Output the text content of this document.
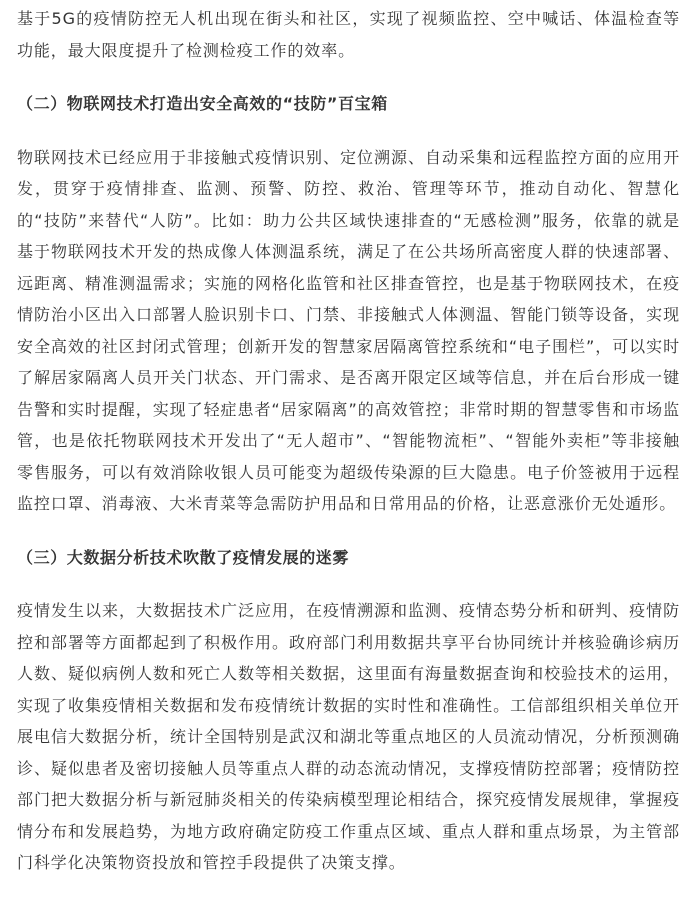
基于5G的疫情防控无人机出现在街头和社区，实现了视频监控、空中喊话、体温检查等功能，最大限度提升了检测检疫工作的效率。

（二）物联网技术打造出安全高效的“技防”百宝箱

物联网技术已经应用于非接触式疫情识别、定位溯源、自动采集和远程监控方面的应用开发，贯穿于疫情排查、监测、预警、防控、救治、管理等环节，推动自动化、智慧化的“技防”来替代“人防”。比如：助力公共区域快速排查的“无感检测”服务，依靠的就是基于物联网技术开发的热成像人体测温系统，满足了在公共场所高密度人群的快速部署、远距离、精准测温需求；实施的网格化监管和社区排查管控，也是基于物联网技术，在疫情防治小区出入口部署人脸识别卡口、门禁、非接触式人体测温、智能门锁等设备，实现安全高效的社区封闭式管理；创新开发的智慧家居隔离管控系统和“电子围栏”，可以实时了解居家隔离人员开关门状态、开门需求、是否离开限定区域等信息，并在后台形成一键告警和实时提醒，实现了轻症患者“居家隔离”的高效管控；非常时期的智慧零售和市场监管，也是依托物联网技术开发出了“无人超市”、“智能物流柜”、“智能外卖柜”等非接触零售服务，可以有效消除收银人员可能变为超级传染源的巨大隐患。电子价签被用于远程监控口罩、消毒液、大米青菜等急需防护用品和日常用品的价格，让恶意涨价无处遁形。

（三）大数据分析技术吹散了疫情发展的迷雾

疫情发生以来，大数据技术广泛应用，在疫情溯源和监测、疫情态势分析和研判、疫情防控和部署等方面都起到了积极作用。政府部门利用数据共享平台协同统计并核验确诊病历人数、疑似病例人数和死亡人数等相关数据，这里面有海量数据查询和校验技术的运用，实现了收集疫情相关数据和发布疫情统计数据的实时性和准确性。工信部组织相关单位开展电信大数据分析，统计全国特别是武汉和湖北等重点地区的人员流动情况，分析预测确诊、疑似患者及密切接触人员等重点人群的动态流动情况，支撑疫情防控部署；疫情防控部门把大数据分析与新冠肺炎相关的传染病模型理论相结合，探究疫情发展规律，掌握疫情分布和发展趋势，为地方政府确定防疫工作重点区域、重点人群和重点场景，为主管部门科学化决策物资投放和管控手段提供了决策支撑。
